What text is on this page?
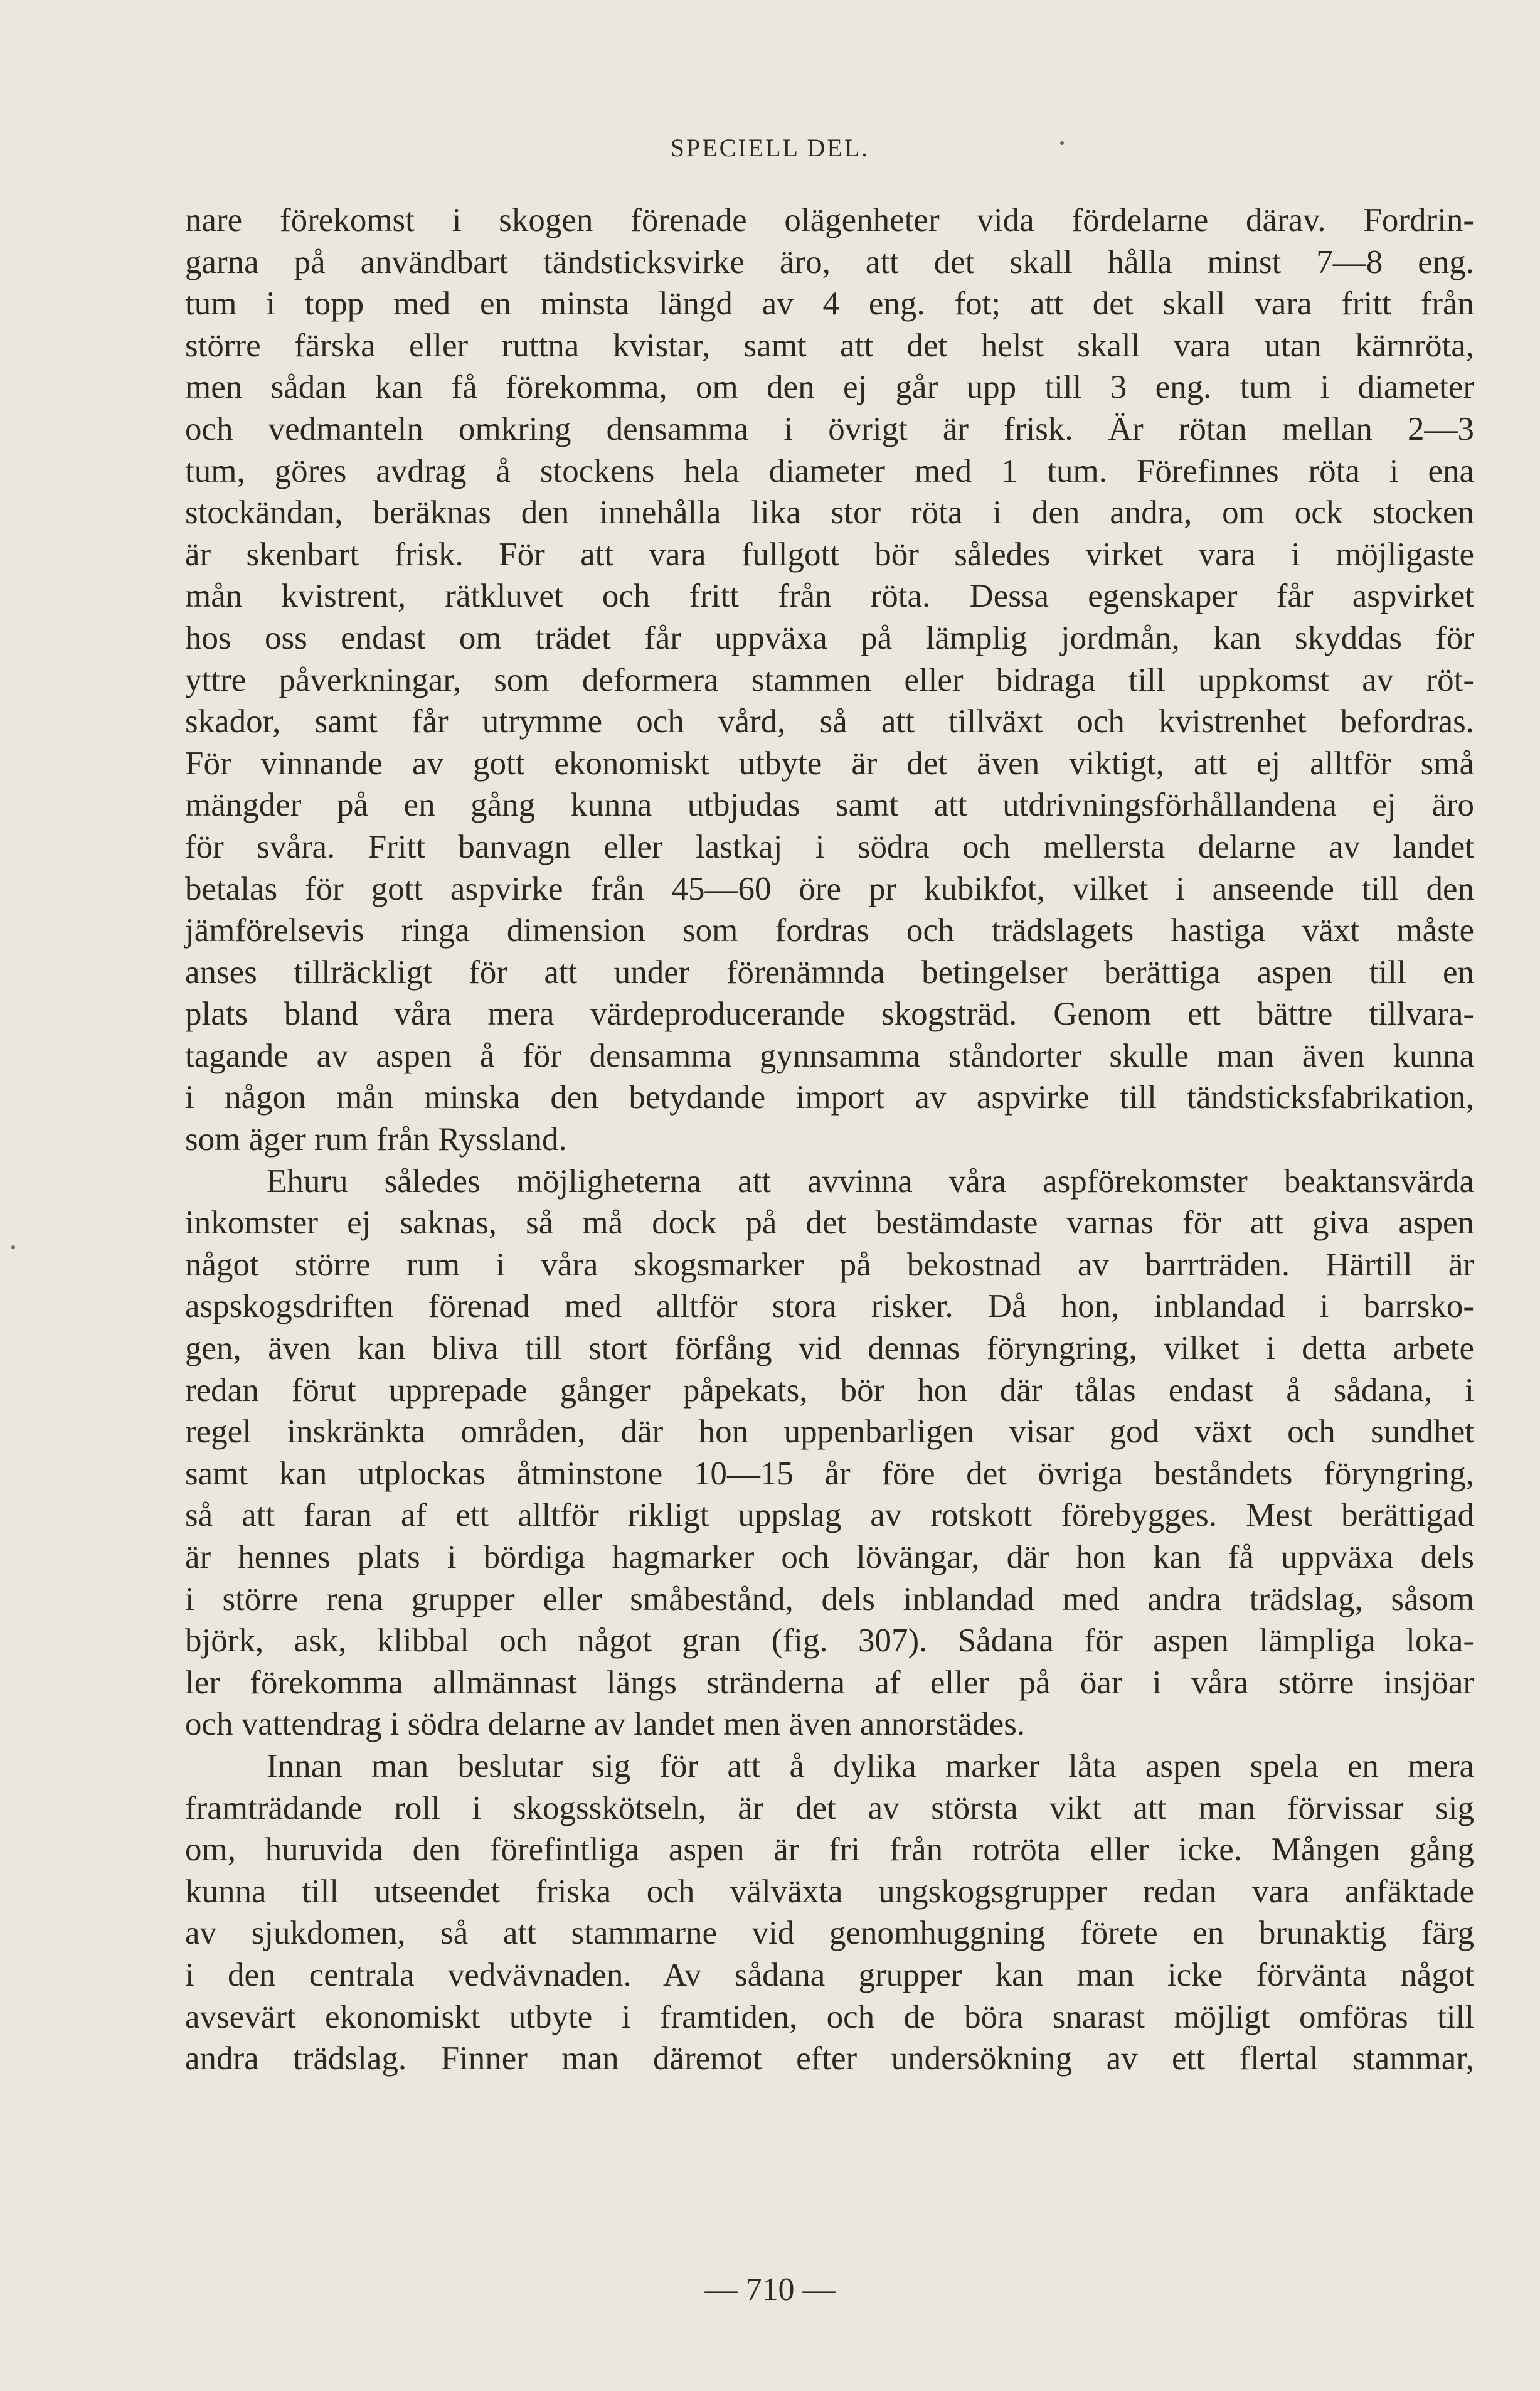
SPECIELL DEL.
nare förekomst i skogen förenade olägenheter vida fördelarne därav. Fordrin-
garna på användbart tändsticksvirke äro, att det skall hålla minst 7—8 eng.
tum i topp med en minsta längd av 4 eng. fot; att det skall vara fritt från
större färska eller ruttna kvistar, samt att det helst skall vara utan kärnröta,
men sådan kan få förekomma, om den ej går upp till 3 eng. tum i diameter
och vedmanteln omkring densamma i övrigt är frisk. Är rötan mellan 2—3
tum, göres avdrag å stockens hela diameter med 1 tum. Förefinnes röta i ena
stockändan, beräknas den innehålla lika stor röta i den andra, om ock stocken
är skenbart frisk. För att vara fullgott bör således virket vara i möjligaste
mån kvistrent, rätkluvet och fritt från röta. Dessa egenskaper får aspvirket
hos oss endast om trädet får uppväxa på lämplig jordmån, kan skyddas för
yttre påverkningar, som deformera stammen eller bidraga till uppkomst av röt-
skador, samt får utrymme och vård, så att tillväxt och kvistrenhet befordras.
För vinnande av gott ekonomiskt utbyte är det även viktigt, att ej alltför små
mängder på en gång kunna utbjudas samt att utdrivningsförhållandena ej äro
för svåra. Fritt banvagn eller lastkaj i södra och mellersta delarne av landet
betalas för gott aspvirke från 45—60 öre pr kubikfot, vilket i anseende till den
jämförelsevis ringa dimension som fordras och trädslagets hastiga växt måste
anses tillräckligt för att under förenämnda betingelser berättiga aspen till en
plats bland våra mera värdeproducerande skogsträd. Genom ett bättre tillvara-
tagande av aspen å för densamma gynnsamma ståndorter skulle man även kunna
i någon mån minska den betydande import av aspvirke till tändsticksfabrikation,
som äger rum från Ryssland.
Ehuru således möjligheterna att avvinna våra aspförekomster beaktansvärda
inkomster ej saknas, så må dock på det bestämdaste varnas för att giva aspen
något större rum i våra skogsmarker på bekostnad av barrträden. Härtill är
aspskogsdriften förenad med alltför stora risker. Då hon, inblandad i barrsko-
gen, även kan bliva till stort förfång vid dennas föryngring, vilket i detta arbete
redan förut upprepade gånger påpekats, bör hon där tålas endast å sådana, i
regel inskränkta områden, där hon uppenbarligen visar god växt och sundhet
samt kan utplockas åtminstone 10—15 år före det övriga beståndets föryngring,
så att faran af ett alltför rikligt uppslag av rotskott förebygges. Mest berättigad
är hennes plats i bördiga hagmarker och lövängar, där hon kan få uppväxa dels
i större rena grupper eller småbestånd, dels inblandad med andra trädslag, såsom
björk, ask, klibbal och något gran (fig. 307). Sådana för aspen lämpliga loka-
ler förekomma allmännast längs stränderna af eller på öar i våra större insjöar
och vattendrag i södra delarne av landet men även annorstädes.
Innan man beslutar sig för att å dylika marker låta aspen spela en mera
framträdande roll i skogsskötseln, är det av största vikt att man förvissar sig
om, huruvida den förefintliga aspen är fri från rotröta eller icke. Mången gång
kunna till utseendet friska och välväxta ungskogsgrupper redan vara anfäktade
av sjukdomen, så att stammarne vid genomhuggning förete en brunaktig färg
i den centrala vedvävnaden. Av sådana grupper kan man icke förvänta något
avsevärt ekonomiskt utbyte i framtiden, och de böra snarast möjligt omföras till
andra trädslag. Finner man däremot efter undersökning av ett flertal stammar,
— 710 —
